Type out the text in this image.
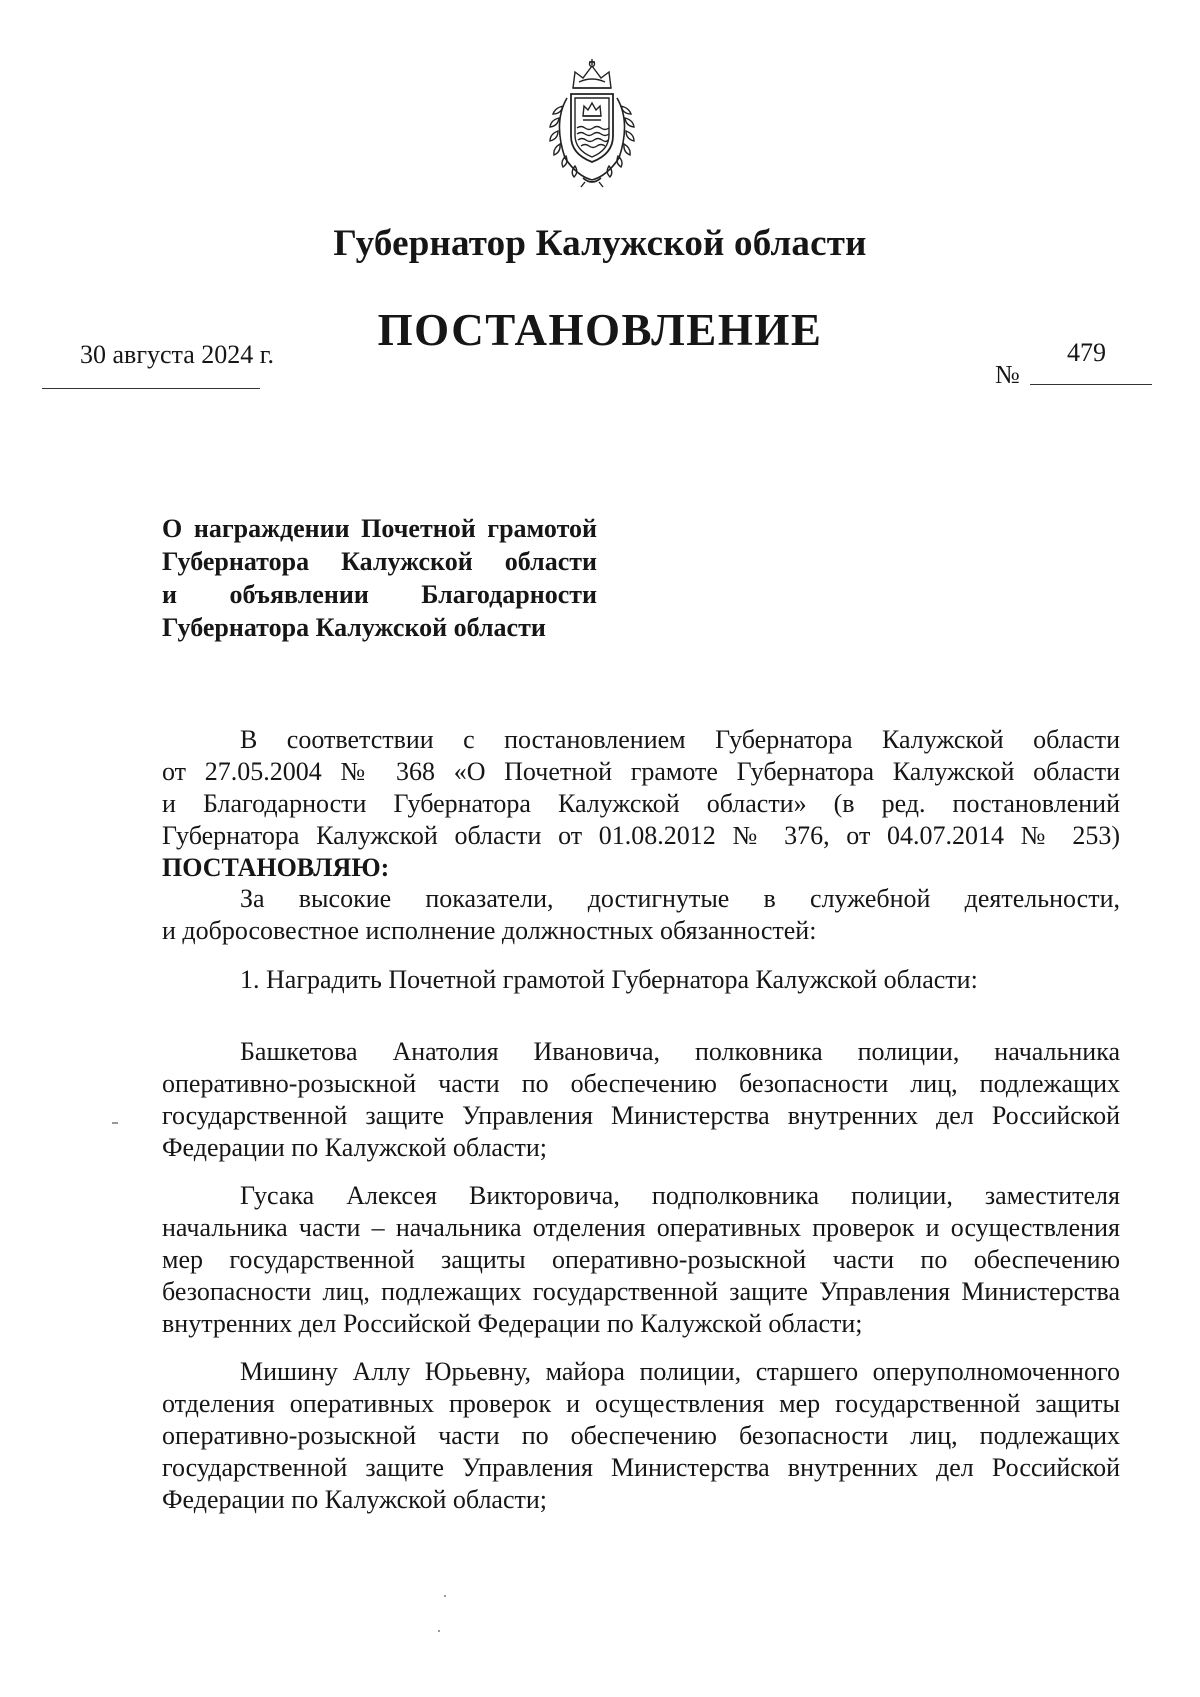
Губернатор Калужской области
ПОСТАНОВЛЕНИЕ
30 августа 2024 г.	479
№
О награждении Почетной грамотой
Губернатора Калужской области
и объявлении Благодарности
Губернатора Калужской области
В соответствии с постановлением Губернатора Калужской области
от 27.05.2004 № 368 «О Почетной грамоте Губернатора Калужской области
и Благодарности Губернатора Калужской области» (в ред. постановлений
Губернатора Калужской области от 01.08.2012 № 376, от 04.07.2014 № 253)
ПОСТАНОВЛЯЮ:
За высокие показатели, достигнутые в служебной деятельности,
и добросовестное исполнение должностных обязанностей:
1. Наградить Почетной грамотой Губернатора Калужской области:
Башкетова Анатолия Ивановича, полковника полиции, начальника
оперативно-розыскной части по обеспечению безопасности лиц, подлежащих
государственной защите Управления Министерства внутренних дел Российской
Федерации по Калужской области;
Гусака Алексея Викторовича, подполковника полиции, заместителя
начальника части – начальника отделения оперативных проверок и осуществления
мер государственной защиты оперативно-розыскной части по обеспечению
безопасности лиц, подлежащих государственной защите Управления Министерства
внутренних дел Российской Федерации по Калужской области;
Мишину Аллу Юрьевну, майора полиции, старшего оперуполномоченного
отделения оперативных проверок и осуществления мер государственной защиты
оперативно-розыскной части по обеспечению безопасности лиц, подлежащих
государственной защите Управления Министерства внутренних дел Российской
Федерации по Калужской области;
